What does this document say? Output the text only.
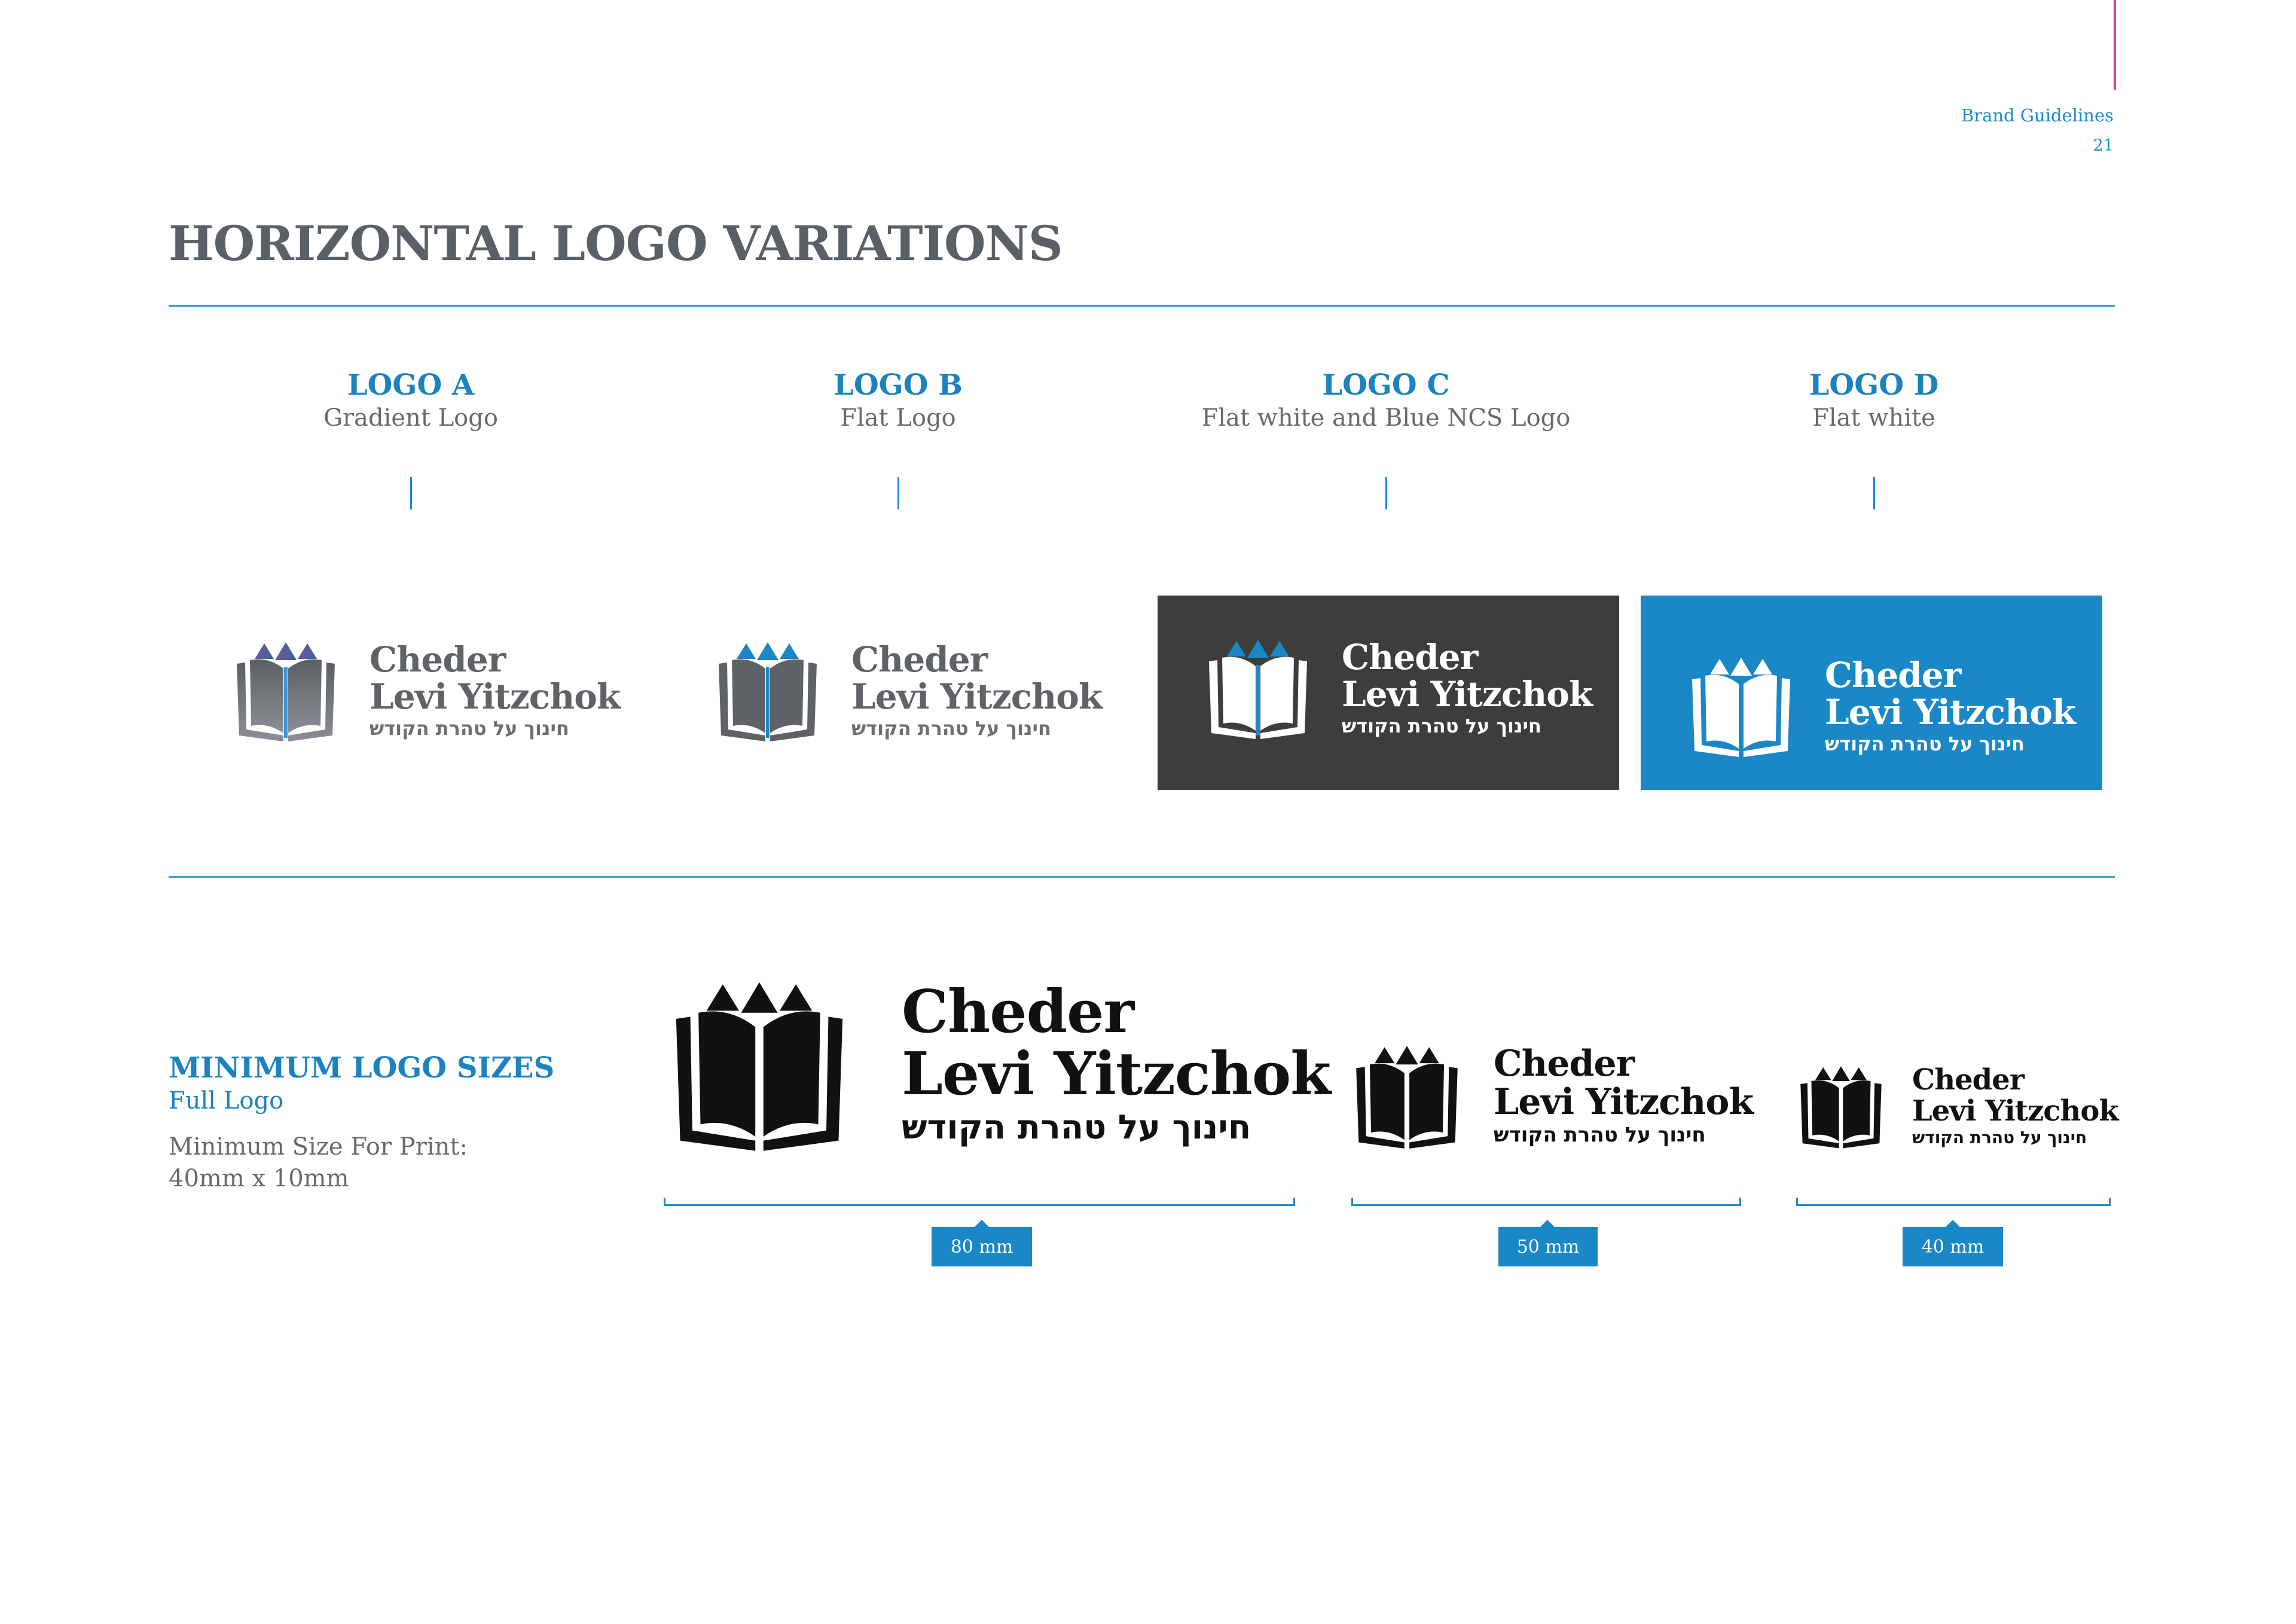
Brand Guidelines
21
HORIZONTAL LOGO VARIATIONS
LOGO A
Gradient Logo
LOGO B
Flat Logo
LOGO C
Flat white and Blue NCS Logo
LOGO D
Flat white
Cheder
Levi Yitzchok
חינוך על טהרת הקודש
Cheder
Levi Yitzchok
חינוך על טהרת הקודש
Cheder
Levi Yitzchok
חינוך על טהרת הקודש
Cheder
Levi Yitzchok
חינוך על טהרת הקודש
MINIMUM LOGO SIZES
Full Logo
Minimum Size For Print:
40mm x 10mm
Cheder
Levi Yitzchok
חינוך על טהרת הקודש
Cheder
Levi Yitzchok
חינוך על טהרת הקודש
Cheder
Levi Yitzchok
חינוך על טהרת הקודש
80 mm	50 mm	40 mm
